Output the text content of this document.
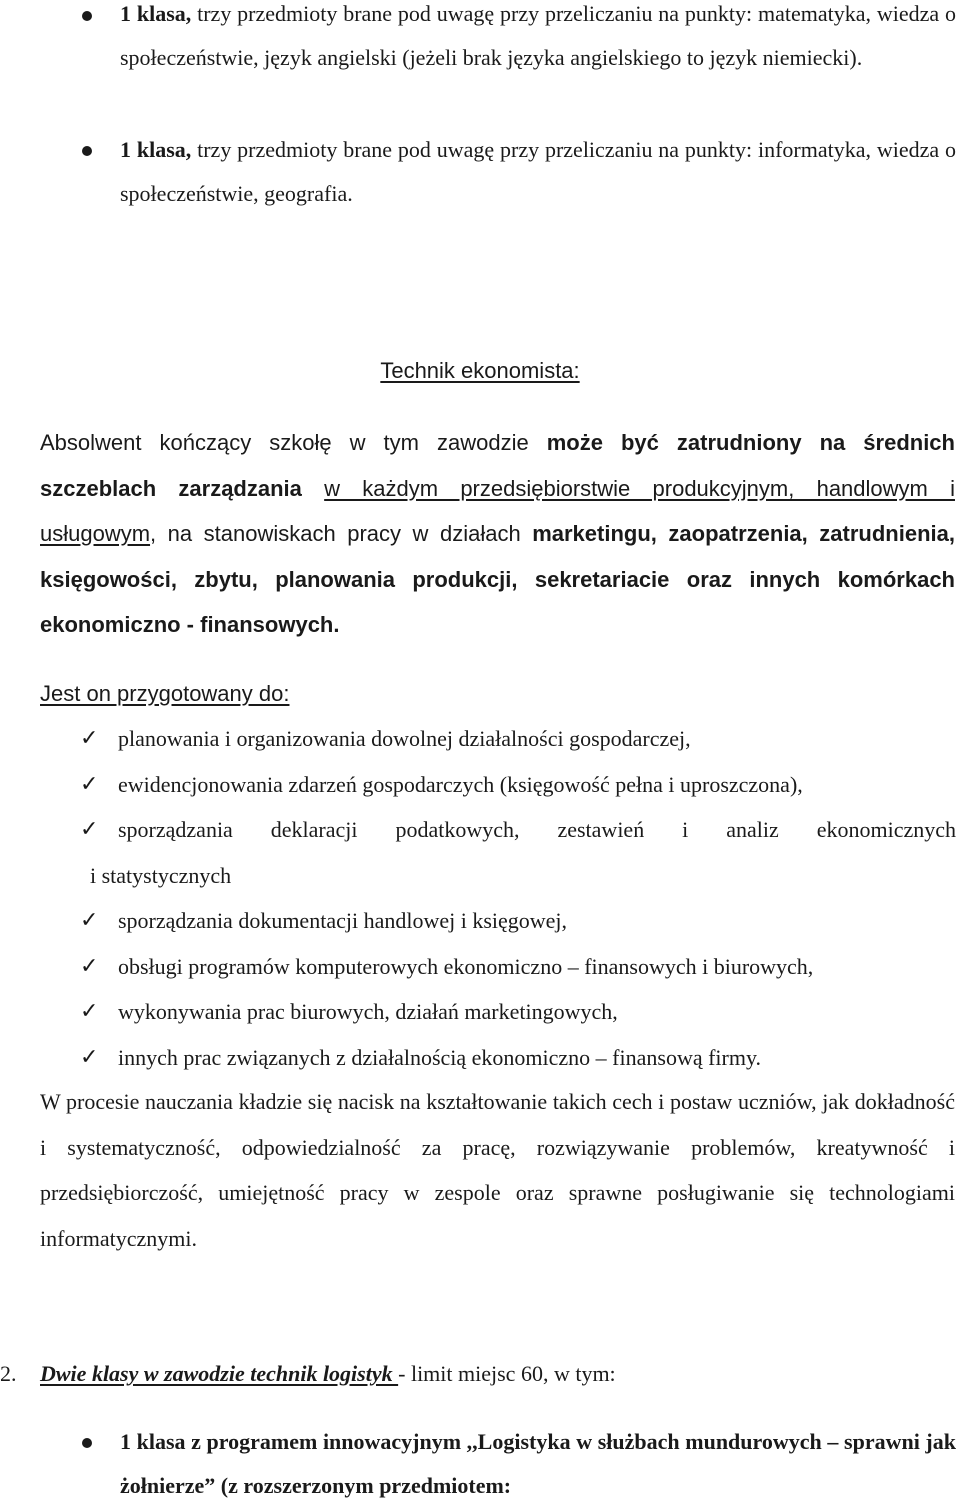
1 klasa, trzy przedmioty brane pod uwagę przy przeliczaniu na punkty: matematyka, wiedza o społeczeństwie, język angielski (jeżeli brak języka angielskiego to język niemiecki).
1 klasa, trzy przedmioty brane pod uwagę przy przeliczaniu na punkty: informatyka, wiedza o społeczeństwie, geografia.
Technik ekonomista:
Absolwent kończący szkołę w tym zawodzie może być zatrudniony na średnich szczeblach zarządzania w każdym przedsiębiorstwie produkcyjnym, handlowym i usługowym, na stanowiskach pracy w działach marketingu, zaopatrzenia, zatrudnienia, księgowości, zbytu, planowania produkcji, sekretariacie oraz innych komórkach ekonomiczno - finansowych.
Jest on przygotowany do:
✓ planowania i organizowania dowolnej działalności gospodarczej,
✓ ewidencjonowania zdarzeń gospodarczych (księgowość pełna i uproszczona),
✓ sporządzania deklaracji podatkowych, zestawień i analiz ekonomicznych
i statystycznych
✓ sporządzania dokumentacji handlowej i księgowej,
✓ obsługi programów komputerowych ekonomiczno – finansowych i biurowych,
✓ wykonywania prac biurowych, działań marketingowych,
✓ innych prac związanych z działalnością ekonomiczno – finansową firmy.
W procesie nauczania kładzie się nacisk na kształtowanie takich cech i postaw uczniów, jak dokładność i systematyczność, odpowiedzialność za pracę, rozwiązywanie problemów, kreatywność i przedsiębiorczość, umiejętność pracy w zespole oraz sprawne posługiwanie się technologiami informatycznymi.
2. Dwie klasy w zawodzie technik logistyk - limit miejsc 60, w tym:
1 klasa z programem innowacyjnym ,,Logistyka w służbach mundurowych – sprawni jak żołnierze” (z rozszerzonym przedmiotem:
